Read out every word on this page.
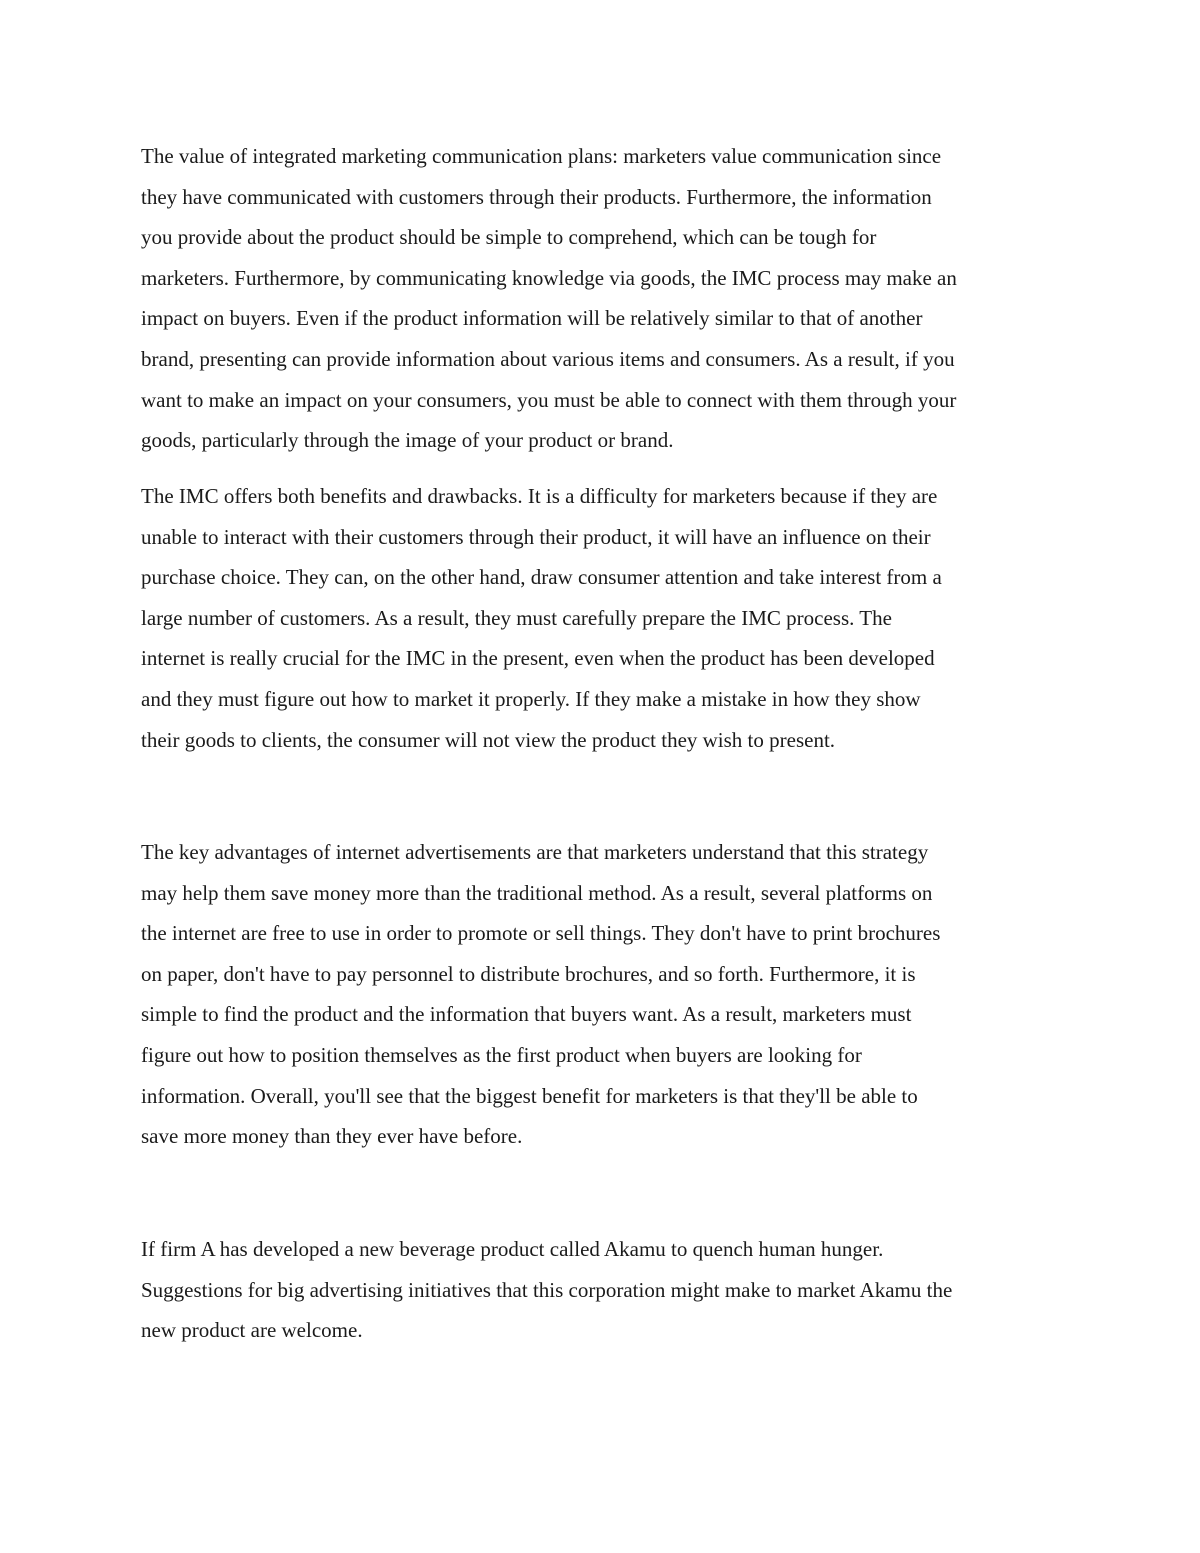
The value of integrated marketing communication plans: marketers value communication since
they have communicated with customers through their products. Furthermore, the information
you provide about the product should be simple to comprehend, which can be tough for
marketers. Furthermore, by communicating knowledge via goods, the IMC process may make an
impact on buyers. Even if the product information will be relatively similar to that of another
brand, presenting can provide information about various items and consumers. As a result, if you
want to make an impact on your consumers, you must be able to connect with them through your
goods, particularly through the image of your product or brand.

The IMC offers both benefits and drawbacks. It is a difficulty for marketers because if they are
unable to interact with their customers through their product, it will have an influence on their
purchase choice. They can, on the other hand, draw consumer attention and take interest from a
large number of customers. As a result, they must carefully prepare the IMC process. The
internet is really crucial for the IMC in the present, even when the product has been developed
and they must figure out how to market it properly. If they make a mistake in how they show
their goods to clients, the consumer will not view the product they wish to present.

The key advantages of internet advertisements are that marketers understand that this strategy
may help them save money more than the traditional method. As a result, several platforms on
the internet are free to use in order to promote or sell things. They don't have to print brochures
on paper, don't have to pay personnel to distribute brochures, and so forth. Furthermore, it is
simple to find the product and the information that buyers want. As a result, marketers must
figure out how to position themselves as the first product when buyers are looking for
information. Overall, you'll see that the biggest benefit for marketers is that they'll be able to
save more money than they ever have before.

If firm A has developed a new beverage product called Akamu to quench human hunger.
Suggestions for big advertising initiatives that this corporation might make to market Akamu the
new product are welcome.
